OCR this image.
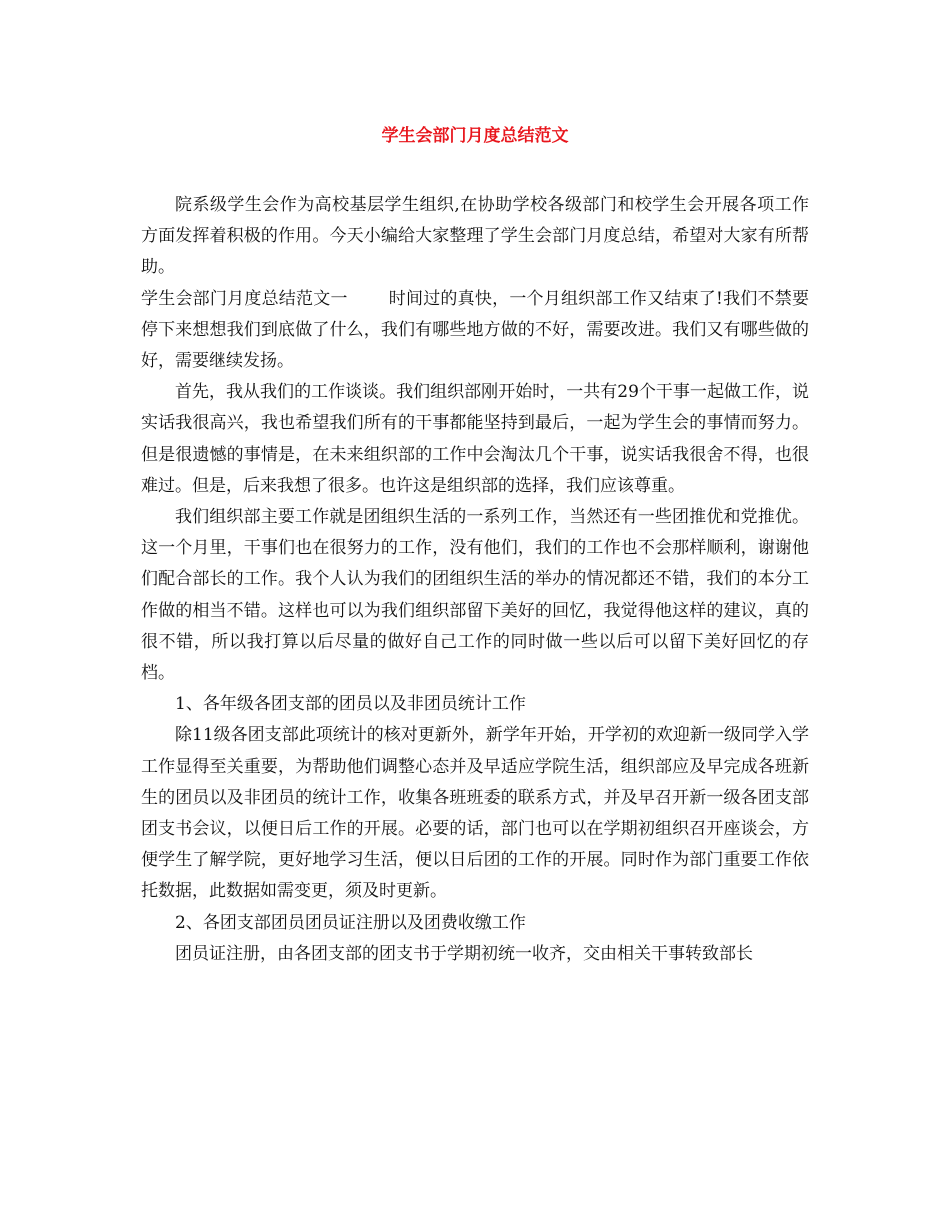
学生会部门月度总结范文

院系级学生会作为高校基层学生组织,在协助学校各级部门和校学生会开展各项工作方面发挥着积极的作用。今天小编给大家整理了学生会部门月度总结，希望对大家有所帮助。

学生会部门月度总结范文一 时间过的真快，一个月组织部工作又结束了!我们不禁要停下来想想我们到底做了什么，我们有哪些地方做的不好，需要改进。我们又有哪些做的好，需要继续发扬。

首先，我从我们的工作谈谈。我们组织部刚开始时，一共有29个干事一起做工作，说实话我很高兴，我也希望我们所有的干事都能坚持到最后，一起为学生会的事情而努力。但是很遗憾的事情是，在未来组织部的工作中会淘汰几个干事，说实话我很舍不得，也很难过。但是，后来我想了很多。也许这是组织部的选择，我们应该尊重。

我们组织部主要工作就是团组织生活的一系列工作，当然还有一些团推优和党推优。这一个月里，干事们也在很努力的工作，没有他们，我们的工作也不会那样顺利，谢谢他们配合部长的工作。我个人认为我们的团组织生活的举办的情况都还不错，我们的本分工作做的相当不错。这样也可以为我们组织部留下美好的回忆，我觉得他这样的建议，真的很不错，所以我打算以后尽量的做好自己工作的同时做一些以后可以留下美好回忆的存档。

1、各年级各团支部的团员以及非团员统计工作

除11级各团支部此项统计的核对更新外，新学年开始，开学初的欢迎新一级同学入学工作显得至关重要，为帮助他们调整心态并及早适应学院生活，组织部应及早完成各班新生的团员以及非团员的统计工作，收集各班班委的联系方式，并及早召开新一级各团支部团支书会议，以便日后工作的开展。必要的话，部门也可以在学期初组织召开座谈会，方便学生了解学院，更好地学习生活，便以日后团的工作的开展。同时作为部门重要工作依托数据，此数据如需变更，须及时更新。

2、各团支部团员团员证注册以及团费收缴工作

团员证注册，由各团支部的团支书于学期初统一收齐，交由相关干事转致部长
